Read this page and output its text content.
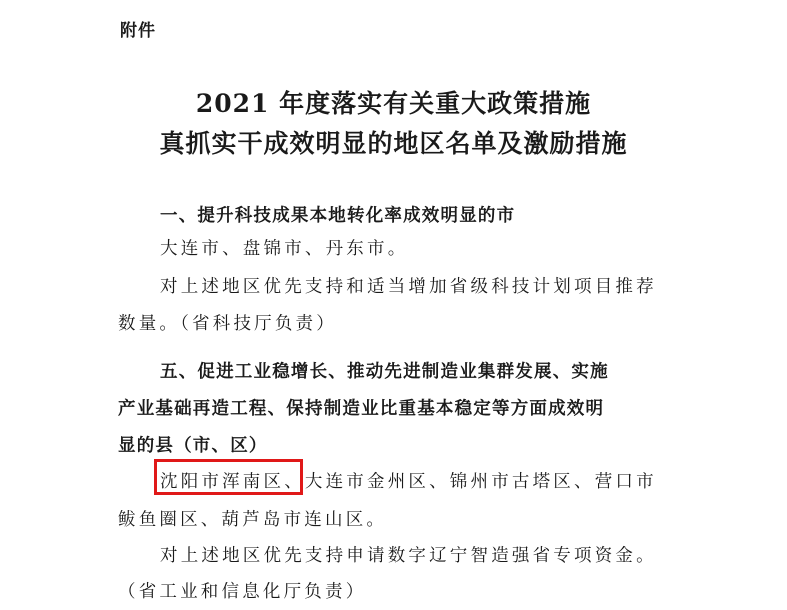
附件
2021 年度落实有关重大政策措施
真抓实干成效明显的地区名单及激励措施
一、提升科技成果本地转化率成效明显的市
大连市、盘锦市、丹东市。
对上述地区优先支持和适当增加省级科技计划项目推荐
数量。（省科技厅负责）
五、促进工业稳增长、推动先进制造业集群发展、实施
产业基础再造工程、保持制造业比重基本稳定等方面成效明
显的县（市、区）
沈阳市浑南区、大连市金州区、锦州市古塔区、营口市
鲅鱼圈区、葫芦岛市连山区。
对上述地区优先支持申请数字辽宁智造强省专项资金。
（省工业和信息化厅负责）
